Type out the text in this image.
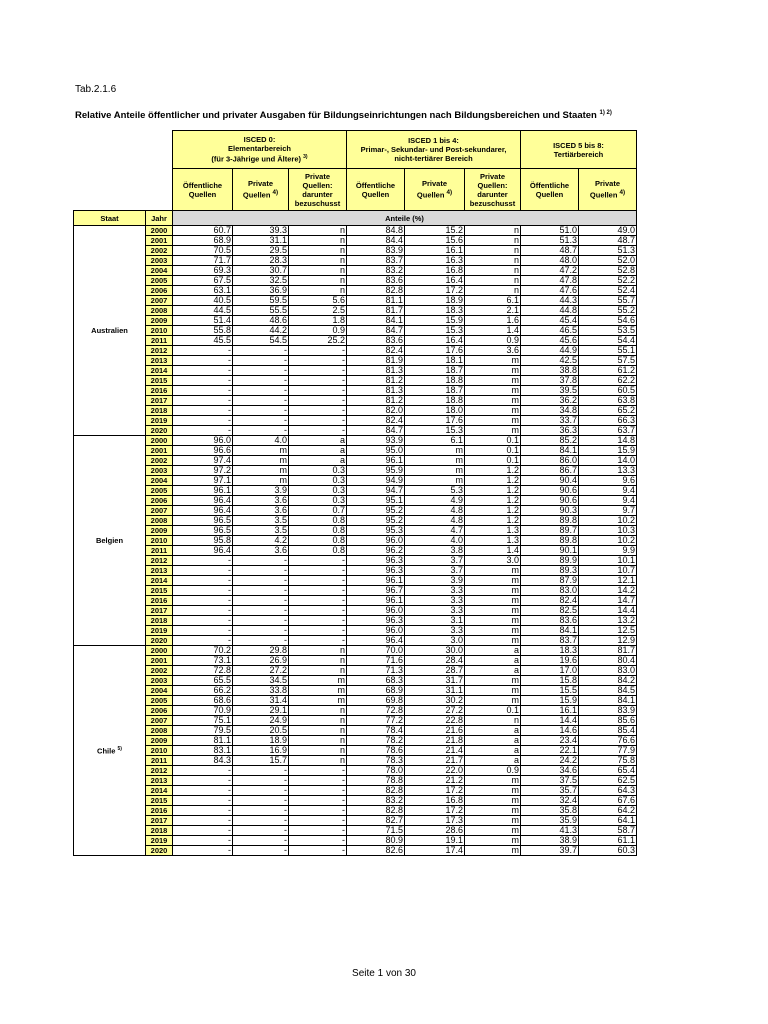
Tab.2.1.6
Relative Anteile öffentlicher und privater Ausgaben für Bildungseinrichtungen nach Bildungsbereichen und Staaten $^{1) 2)}$
		ISCED 0:
Elementarbereich
(für 3-Jährige und Ältere) $^{3)}$			ISCED 1 bis 4:
Primar-, Sekundar- und Post-sekundarer,
nicht-tertiärer Bereich			ISCED 5 bis 8:
Tertiärbereich	
		Öffentliche
Quellen	Private
Quellen $^{4)}$	Private
Quellen:
darunter
bezuschusst	Öffentliche
Quellen	Private
Quellen $^{4)}$	Private
Quellen:
darunter
bezuschusst	Öffentliche
Quellen	Private
Quellen $^{4)}$
Staat	Jahr	Anteile (%)							
Australien	2000	60.7	39.3	n	84.8	15.2	n	51.0	49.0
	2001	68.9	31.1	n	84.4	15.6	n	51.3	48.7
	2002	70.5	29.5	n	83.9	16.1	n	48.7	51.3
	2003	71.7	28.3	n	83.7	16.3	n	48.0	52.0
	2004	69.3	30.7	n	83.2	16.8	n	47.2	52.8
	2005	67.5	32.5	n	83.6	16.4	n	47.8	52.2
	2006	63.1	36.9	n	82.8	17.2	n	47.6	52.4
	2007	40.5	59.5	5.6	81.1	18.9	6.1	44.3	55.7
	2008	44.5	55.5	2.5	81.7	18.3	2.1	44.8	55.2
	2009	51.4	48.6	1.8	84.1	15.9	1.6	45.4	54.6
	2010	55.8	44.2	0.9	84.7	15.3	1.4	46.5	53.5
	2011	45.5	54.5	25.2	83.6	16.4	0.9	45.6	54.4
	2012	-	-	-	82.4	17.6	3.6	44.9	55.1
	2013	-	-	-	81.9	18.1	m	42.5	57.5
	2014	-	-	-	81.3	18.7	m	38.8	61.2
	2015	-	-	-	81.2	18.8	m	37.8	62.2
	2016	-	-	-	81.3	18.7	m	39.5	60.5
	2017	-	-	-	81.2	18.8	m	36.2	63.8
	2018	-	-	-	82.0	18.0	m	34.8	65.2
	2019	-	-	-	82.4	17.6	m	33.7	66.3
	2020	-	-	-	84.7	15.3	m	36.3	63.7
Belgien	2000	96.0	4.0	a	93.9	6.1	0.1	85.2	14.8
	2001	96.6	m	a	95.0	m	0.1	84.1	15.9
	2002	97.4	m	a	96.1	m	0.1	86.0	14.0
	2003	97.2	m	0.3	95.9	m	1.2	86.7	13.3
	2004	97.1	m	0.3	94.9	m	1.2	90.4	9.6
	2005	96.1	3.9	0.3	94.7	5.3	1.2	90.6	9.4
	2006	96.4	3.6	0.3	95.1	4.9	1.2	90.6	9.4
	2007	96.4	3.6	0.7	95.2	4.8	1.2	90.3	9.7
	2008	96.5	3.5	0.8	95.2	4.8	1.2	89.8	10.2
	2009	96.5	3.5	0.8	95.3	4.7	1.3	89.7	10.3
	2010	95.8	4.2	0.8	96.0	4.0	1.3	89.8	10.2
	2011	96.4	3.6	0.8	96.2	3.8	1.4	90.1	9.9
	2012	-	-	-	96.3	3.7	3.0	89.9	10.1
	2013	-	-	-	96.3	3.7	m	89.3	10.7
	2014	-	-	-	96.1	3.9	m	87.9	12.1
	2015	-	-	-	96.7	3.3	m	83.0	14.2
	2016	-	-	-	96.1	3.3	m	82.4	14.7
	2017	-	-	-	96.0	3.3	m	82.5	14.4
	2018	-	-	-	96.3	3.1	m	83.6	13.2
	2019	-	-	-	96.0	3.3	m	84.1	12.5
	2020	-	-	-	96.4	3.0	m	83.7	12.9
Chile $^{5)}$	2000	70.2	29.8	n	70.0	30.0	a	18.3	81.7
	2001	73.1	26.9	n	71.6	28.4	a	19.6	80.4
	2002	72.8	27.2	n	71.3	28.7	a	17.0	83.0
	2003	65.5	34.5	m	68.3	31.7	m	15.8	84.2
	2004	66.2	33.8	m	68.9	31.1	m	15.5	84.5
	2005	68.6	31.4	m	69.8	30.2	m	15.9	84.1
	2006	70.9	29.1	n	72.8	27.2	0.1	16.1	83.9
	2007	75.1	24.9	n	77.2	22.8	n	14.4	85.6
	2008	79.5	20.5	n	78.4	21.6	a	14.6	85.4
	2009	81.1	18.9	n	78.2	21.8	a	23.4	76.6
	2010	83.1	16.9	n	78.6	21.4	a	22.1	77.9
	2011	84.3	15.7	n	78.3	21.7	a	24.2	75.8
	2012	-	-	-	78.0	22.0	0.9	34.6	65.4
	2013	-	-	-	78.8	21.2	m	37.5	62.5
	2014	-	-	-	82.8	17.2	m	35.7	64.3
	2015	-	-	-	83.2	16.8	m	32.4	67.6
	2016	-	-	-	82.8	17.2	m	35.8	64.2
	2017	-	-	-	82.7	17.3	m	35.9	64.1
	2018	-	-	-	71.5	28.6	m	41.3	58.7
	2019	-	-	-	80.9	19.1	m	38.9	61.1
	2020	-	-	-	82.6	17.4	m	39.7	60.3
Seite 1 von 30
